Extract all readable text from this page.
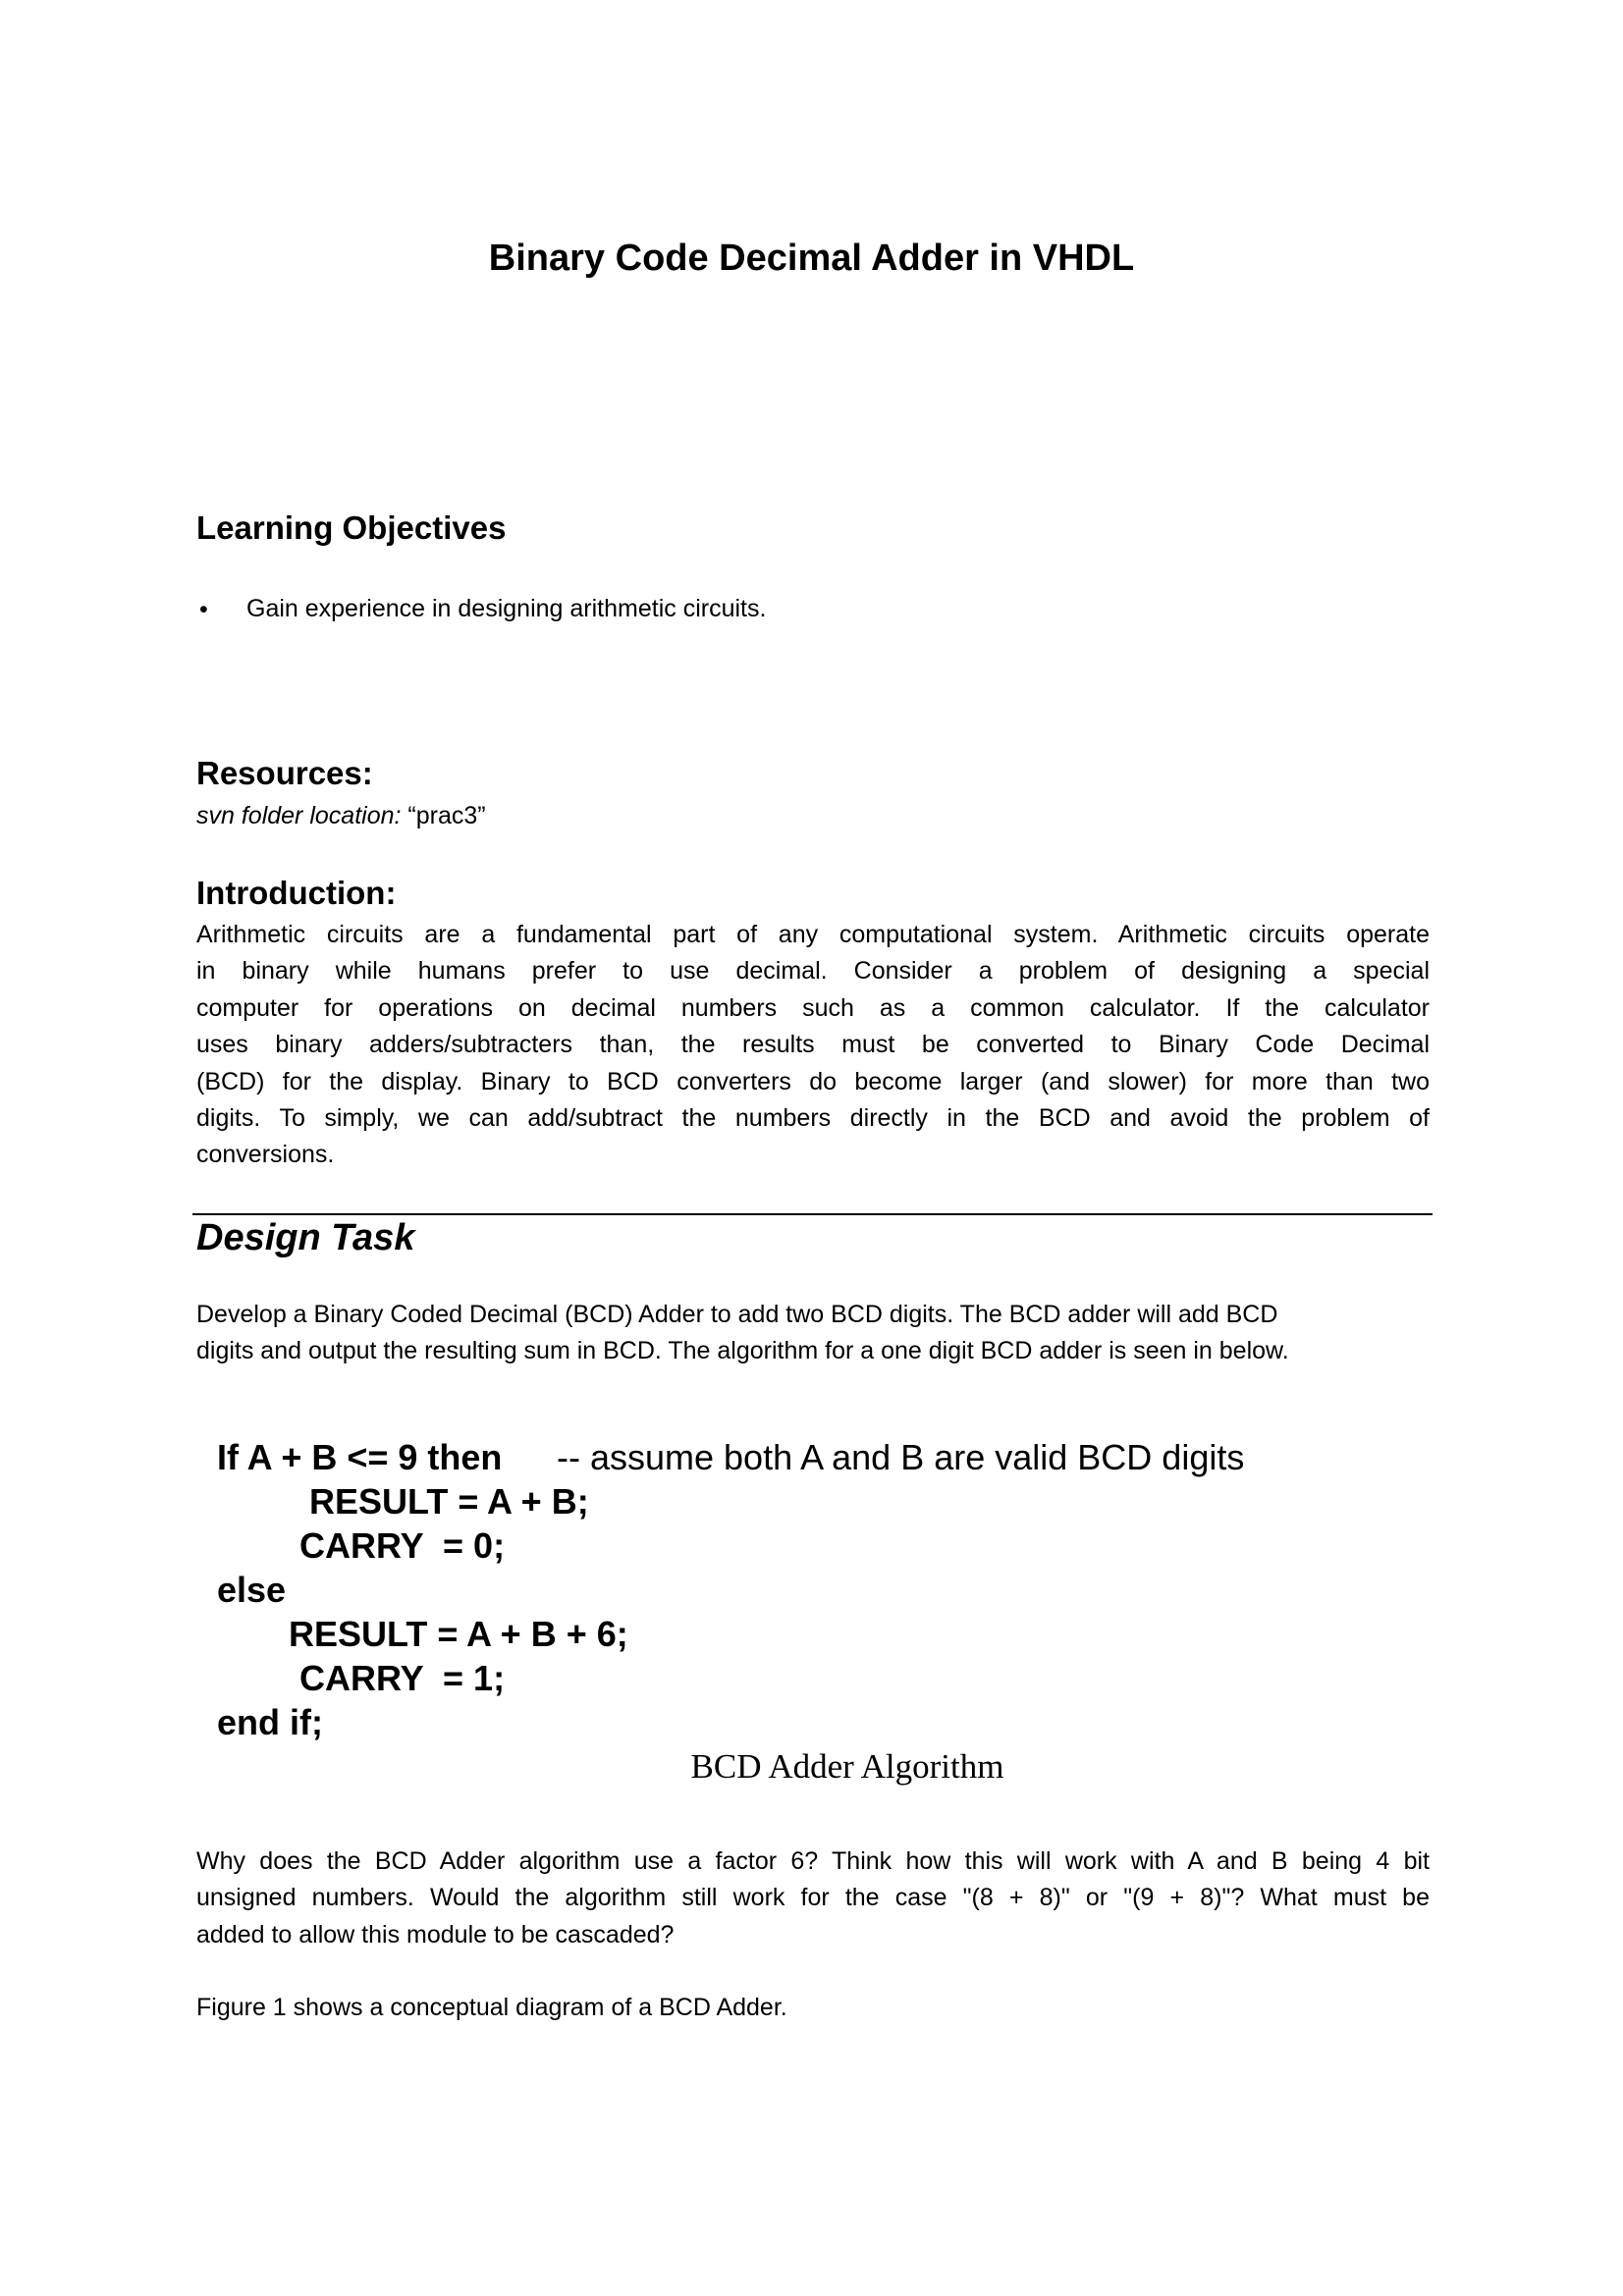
Binary Code Decimal Adder in VHDL
Learning Objectives
• Gain experience in designing arithmetic circuits.
Resources:
svn folder location: “prac3”
Introduction:
Arithmetic circuits are a fundamental part of any computational system. Arithmetic circuits operate
in binary while humans prefer to use decimal. Consider a problem of designing a special
computer for operations on decimal numbers such as a common calculator. If the calculator
uses binary adders/subtracters than, the results must be converted to Binary Code Decimal
(BCD) for the display. Binary to BCD converters do become larger (and slower) for more than two
digits. To simply, we can add/subtract the numbers directly in the BCD and avoid the problem of
conversions.
Design Task
Develop a Binary Coded Decimal (BCD) Adder to add two BCD digits. The BCD adder will add BCD
digits and output the resulting sum in BCD. The algorithm for a one digit BCD adder is seen in below.
If A + B <= 9 then -- assume both A and B are valid BCD digits
RESULT = A + B;
CARRY  = 0;
else
RESULT = A + B + 6;
CARRY  = 1;
end if;
BCD Adder Algorithm
Why does the BCD Adder algorithm use a factor 6? Think how this will work with A and B being 4 bit
unsigned numbers. Would the algorithm still work for the case "(8 + 8)" or "(9 + 8)"? What must be
added to allow this module to be cascaded?
Figure 1 shows a conceptual diagram of a BCD Adder.
